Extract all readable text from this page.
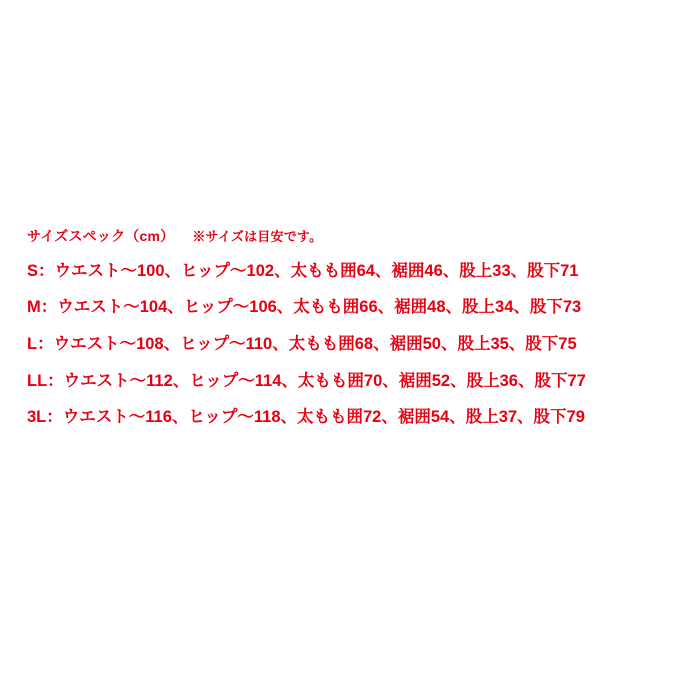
サイズスペック（cm） ※サイズは目安です。
S：ウエスト〜100、ヒップ〜102、太もも囲64、裾囲46、股上33、股下71
M：ウエスト〜104、ヒップ〜106、太もも囲66、裾囲48、股上34、股下73
L：ウエスト〜108、ヒップ〜110、太もも囲68、裾囲50、股上35、股下75
LL：ウエスト〜112、ヒップ〜114、太もも囲70、裾囲52、股上36、股下77
3L：ウエスト〜116、ヒップ〜118、太もも囲72、裾囲54、股上37、股下79
